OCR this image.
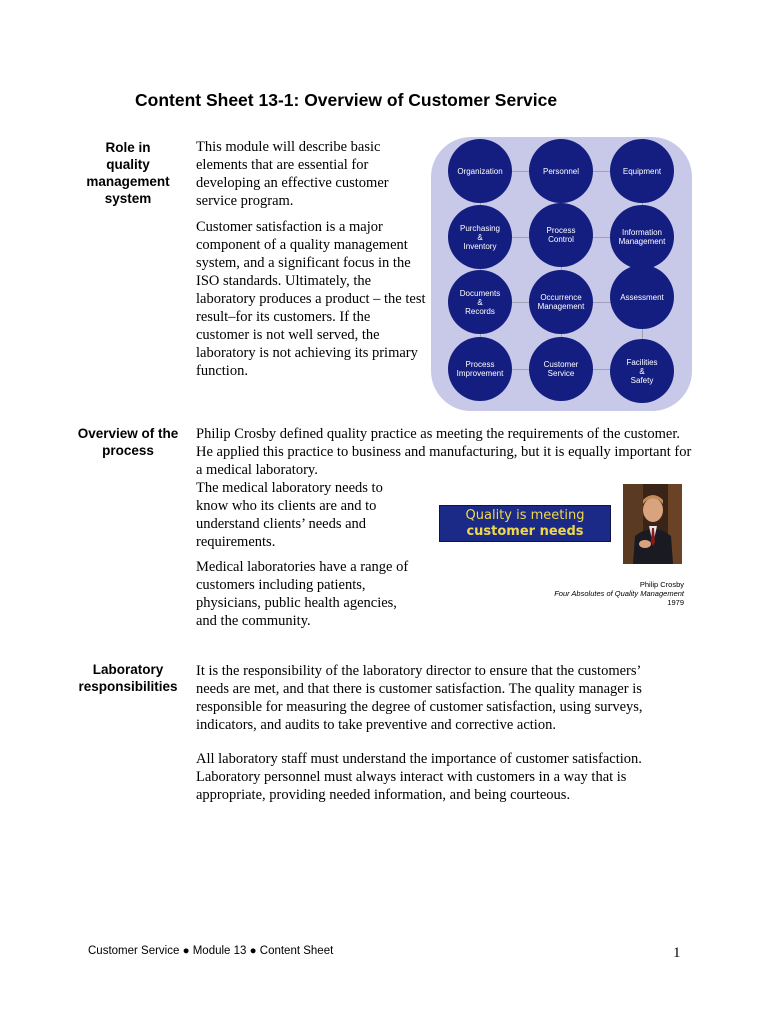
Content Sheet 13-1: Overview of Customer Service
Role in
quality
management
system

This module will describe basic elements that are essential for developing an effective customer service program.

Customer satisfaction is a major component of a quality management system, and a significant focus in the ISO standards. Ultimately, the laboratory produces a product – the test result–for its customers. If the customer is not well served, the laboratory is not achieving its primary function.

Organization	Personnel	Equipment
Purchasing
&
Inventory
Process
Control
Information
Management
Documents
&
Records
Occurrence
Management
Assessment
Process
Improvement
Customer
Service
Facilities
&
Safety
Overview of the
process

Philip Crosby defined quality practice as meeting the requirements of the customer. He applied this practice to business and manufacturing, but it is equally important for a medical laboratory.

The medical laboratory needs to know who its clients are and to understand clients’ needs and requirements.

Medical laboratories have a range of customers including patients, physicians, public health agencies, and the community.

Quality is meeting
customer needs
Philip Crosby
Four Absolutes of Quality Management
1979
Laboratory
responsibilities

It is the responsibility of the laboratory director to ensure that the customers’ needs are met, and that there is customer satisfaction. The quality manager is responsible for measuring the degree of customer satisfaction, using surveys, indicators, and audits to take preventive and corrective action.

All laboratory staff must understand the importance of customer satisfaction. Laboratory personnel must always interact with customers in a way that is appropriate, providing needed information, and being courteous.

Customer Service ● Module 13 ● Content Sheet	1
